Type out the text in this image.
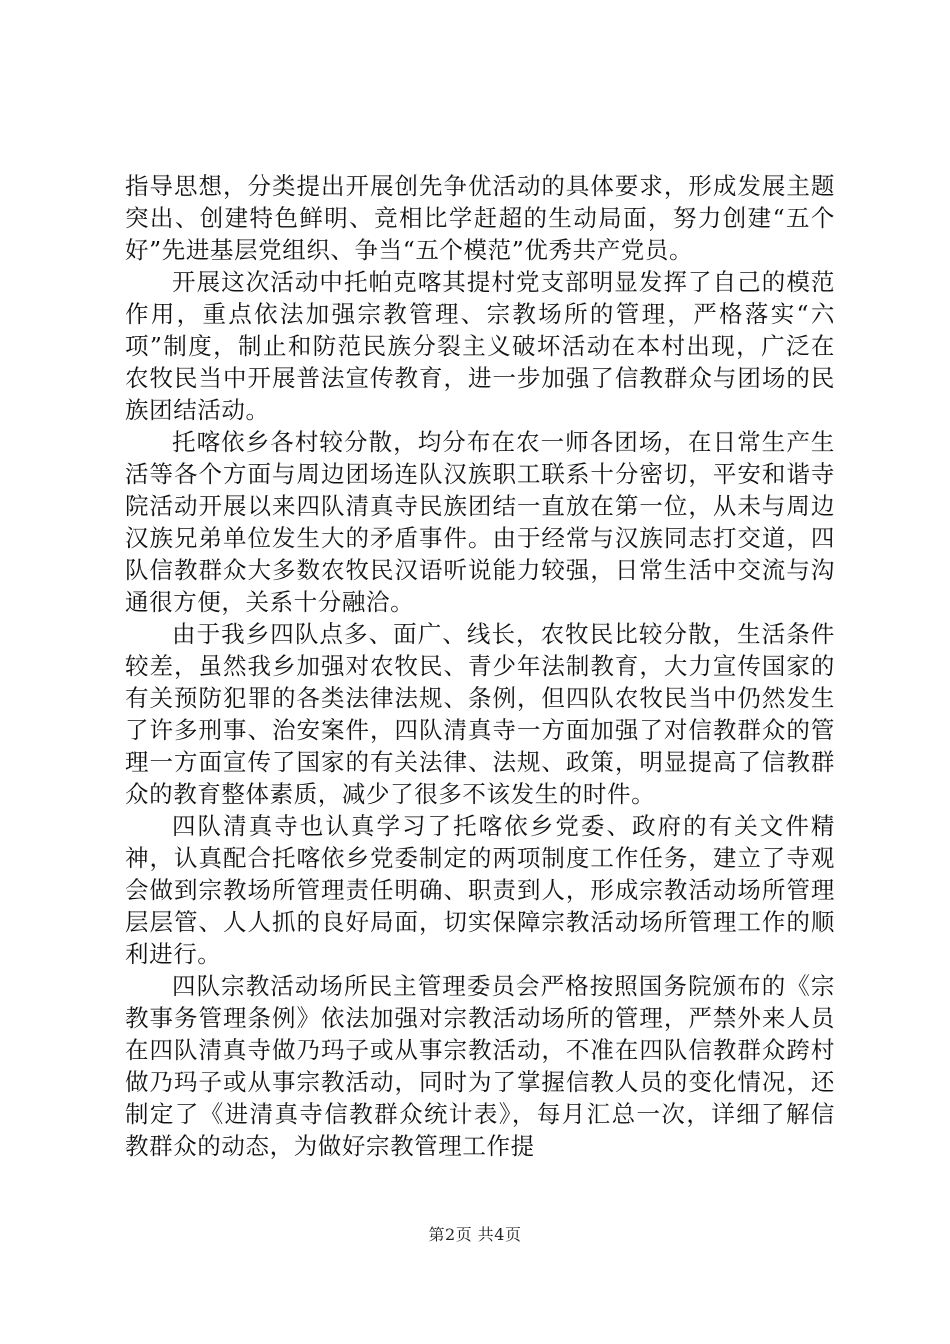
指导思想，分类提出开展创先争优活动的具体要求，形成发展主题突出、创建特色鲜明、竞相比学赶超的生动局面，努力创建“五个好”先进基层党组织、争当“五个模范”优秀共产党员。

开展这次活动中托帕克喀其提村党支部明显发挥了自己的模范作用，重点依法加强宗教管理、宗教场所的管理，严格落实“六项”制度，制止和防范民族分裂主义破坏活动在本村出现，广泛在农牧民当中开展普法宣传教育，进一步加强了信教群众与团场的民族团结活动。

托喀依乡各村较分散，均分布在农一师各团场，在日常生产生活等各个方面与周边团场连队汉族职工联系十分密切，平安和谐寺院活动开展以来四队清真寺民族团结一直放在第一位，从未与周边汉族兄弟单位发生大的矛盾事件。由于经常与汉族同志打交道，四队信教群众大多数农牧民汉语听说能力较强，日常生活中交流与沟通很方便，关系十分融洽。

由于我乡四队点多、面广、线长，农牧民比较分散，生活条件较差，虽然我乡加强对农牧民、青少年法制教育，大力宣传国家的有关预防犯罪的各类法律法规、条例，但四队农牧民当中仍然发生了许多刑事、治安案件，四队清真寺一方面加强了对信教群众的管理一方面宣传了国家的有关法律、法规、政策，明显提高了信教群众的教育整体素质，减少了很多不该发生的时件。

四队清真寺也认真学习了托喀依乡党委、政府的有关文件精神，认真配合托喀依乡党委制定的两项制度工作任务，建立了寺观会做到宗教场所管理责任明确、职责到人，形成宗教活动场所管理层层管、人人抓的良好局面，切实保障宗教活动场所管理工作的顺利进行。

四队宗教活动场所民主管理委员会严格按照国务院颁布的《宗教事务管理条例》依法加强对宗教活动场所的管理，严禁外来人员在四队清真寺做乃玛子或从事宗教活动，不准在四队信教群众跨村做乃玛子或从事宗教活动，同时为了掌握信教人员的变化情况，还制定了《进清真寺信教群众统计表》，每月汇总一次，详细了解信教群众的动态，为做好宗教管理工作提

第2页 共4页
